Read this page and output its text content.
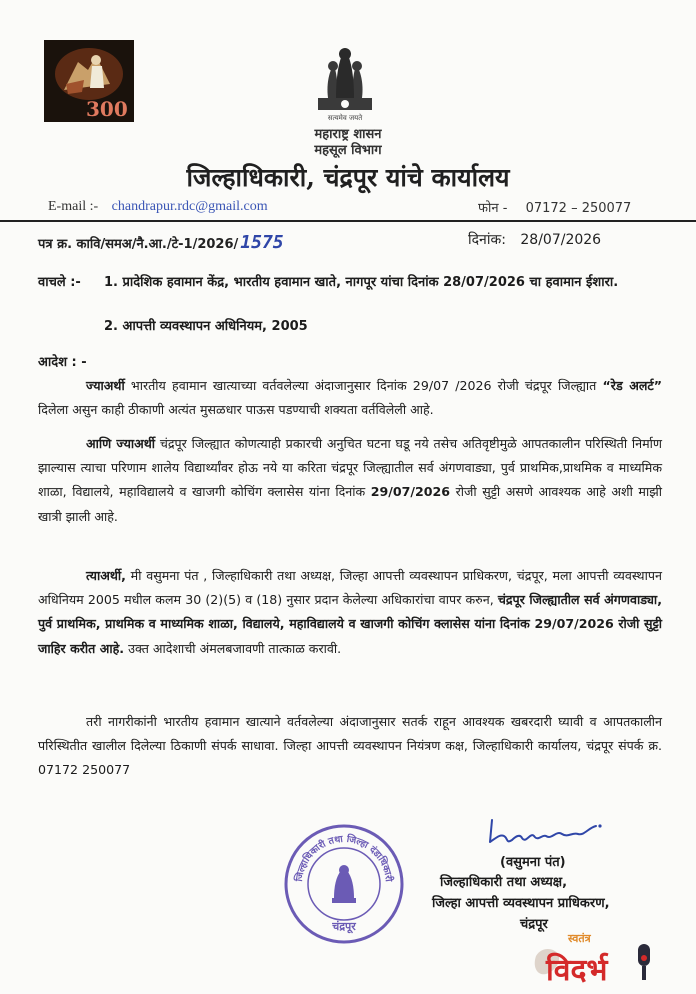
300	सत्यमेव जयते
महाराष्ट्र शासन
महसूल विभाग
जिल्हाधिकारी, चंद्रपूर यांचे कार्यालय
E-mail :- chandrapur.rdc@gmail.com	फोन - 07172 – 250077
पत्र क्र. कावि/समअ/नै.आ./टे-1/2026/ 1575	दिनांक: 28/07/2026
वाचले :- 1. प्रादेशिक हवामान केंद्र, भारतीय हवामान खाते, नागपूर यांचा दिनांक 28/07/2026 चा हवामान ईशारा.
2. आपत्ती व्यवस्थापन अधिनियम, 2005
आदेश : -
ज्याअर्थी भारतीय हवामान खात्याच्या वर्तवलेल्या अंदाजानुसार दिनांक 29/07 /2026 रोजी चंद्रपूर जिल्ह्यात “रेड अलर्ट” दिलेला असुन काही ठीकाणी अत्यंत मुसळधार पाऊस पडण्याची शक्यता वर्तविलेली आहे.
आणि ज्याअर्थी चंद्रपूर जिल्ह्यात कोणत्याही प्रकारची अनुचित घटना घडू नये तसेच अतिवृष्टीमुळे आपतकालीन परिस्थिती निर्माण झाल्यास त्याचा परिणाम शालेय विद्यार्थ्यांवर होऊ नये या करिता चंद्रपूर जिल्ह्यातील सर्व अंगणवाड्या, पुर्व प्राथमिक,प्राथमिक व माध्यमिक शाळा, विद्यालये, महाविद्यालये व खाजगी कोचिंग क्लासेस यांना दिनांक 29/07/2026 रोजी सुट्टी असणे आवश्यक आहे अशी माझी खात्री झाली आहे.
त्याअर्थी, मी वसुमना पंत , जिल्हाधिकारी तथा अध्यक्ष, जिल्हा आपत्ती व्यवस्थापन प्राधिकरण, चंद्रपूर, मला आपत्ती व्यवस्थापन अधिनियम 2005 मधील कलम 30 (2)(5) व (18) नुसार प्रदान केलेल्या अधिकारांचा वापर करुन, चंद्रपूर जिल्ह्यातील सर्व अंगणवाड्या, पुर्व प्राथमिक, प्राथमिक व माध्यमिक शाळा, विद्यालये, महाविद्यालये व खाजगी कोचिंग क्लासेस यांना दिनांक 29/07/2026 रोजी सुट्टी जाहिर करीत आहे. उक्त आदेशाची अंमलबजावणी तात्काळ करावी.
तरी नागरीकांनी भारतीय हवामान खात्याने वर्तवलेल्या अंदाजानुसार सतर्क राहून आवश्यक खबरदारी घ्यावी व आपतकालीन परिस्थितीत खालील दिलेल्या ठिकाणी संपर्क साधावा. जिल्हा आपत्ती व्यवस्थापन नियंत्रण कक्ष, जिल्हाधिकारी कार्यालय, चंद्रपूर संपर्क क्र. 07172 250077
जिल्हाधिकारी तथा जिल्हा दंडाधिकारी
चंद्रपूर
(वसुमना पंत)
जिल्हाधिकारी तथा अध्यक्ष,
जिल्हा आपत्ती व्यवस्थापन प्राधिकरण,
चंद्रपूर
स्वतंत्र
विदर्भ
